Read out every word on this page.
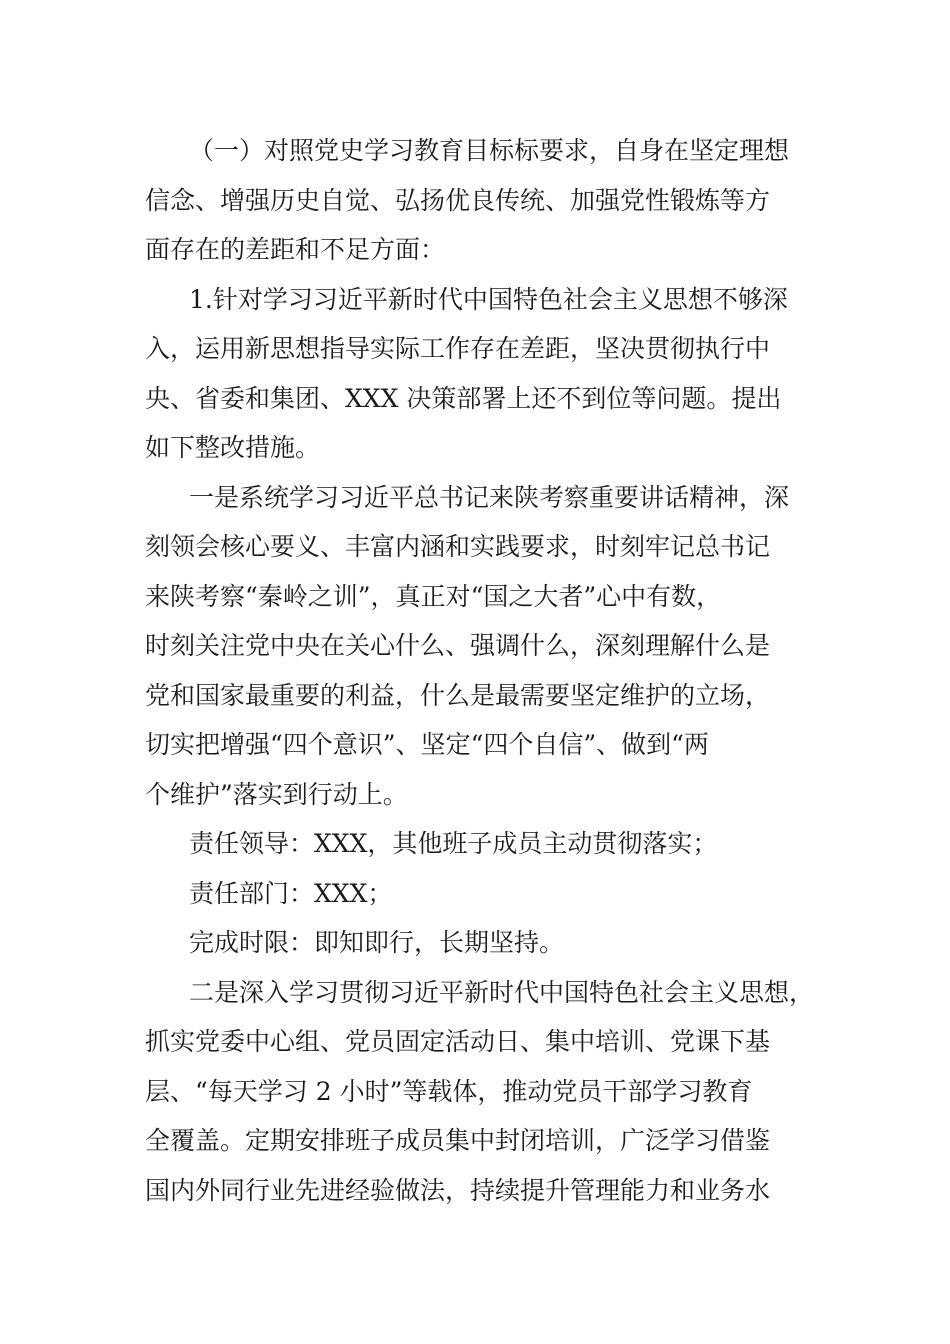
（一）对照党史学习教育目标标要求，自身在坚定理想
信念、增强历史自觉、弘扬优良传统、加强党性锻炼等方
面存在的差距和不足方面：
1.针对学习习近平新时代中国特色社会主义思想不够深
入，运用新思想指导实际工作存在差距，坚决贯彻执行中
央、省委和集团、XXX 决策部署上还不到位等问题。提出
如下整改措施。
一是系统学习习近平总书记来陕考察重要讲话精神，深
刻领会核心要义、丰富内涵和实践要求，时刻牢记总书记
来陕考察“秦岭之训”，真正对“国之大者”心中有数，
时刻关注党中央在关心什么、强调什么，深刻理解什么是
党和国家最重要的利益，什么是最需要坚定维护的立场，
切实把增强“四个意识”、坚定“四个自信”、做到“两
个维护”落实到行动上。
责任领导：XXX，其他班子成员主动贯彻落实；
责任部门：XXX；
完成时限：即知即行，长期坚持。
二是深入学习贯彻习近平新时代中国特色社会主义思想，
抓实党委中心组、党员固定活动日、集中培训、党课下基
层、“每天学习 2 小时”等载体，推动党员干部学习教育
全覆盖。定期安排班子成员集中封闭培训，广泛学习借鉴
国内外同行业先进经验做法，持续提升管理能力和业务水
